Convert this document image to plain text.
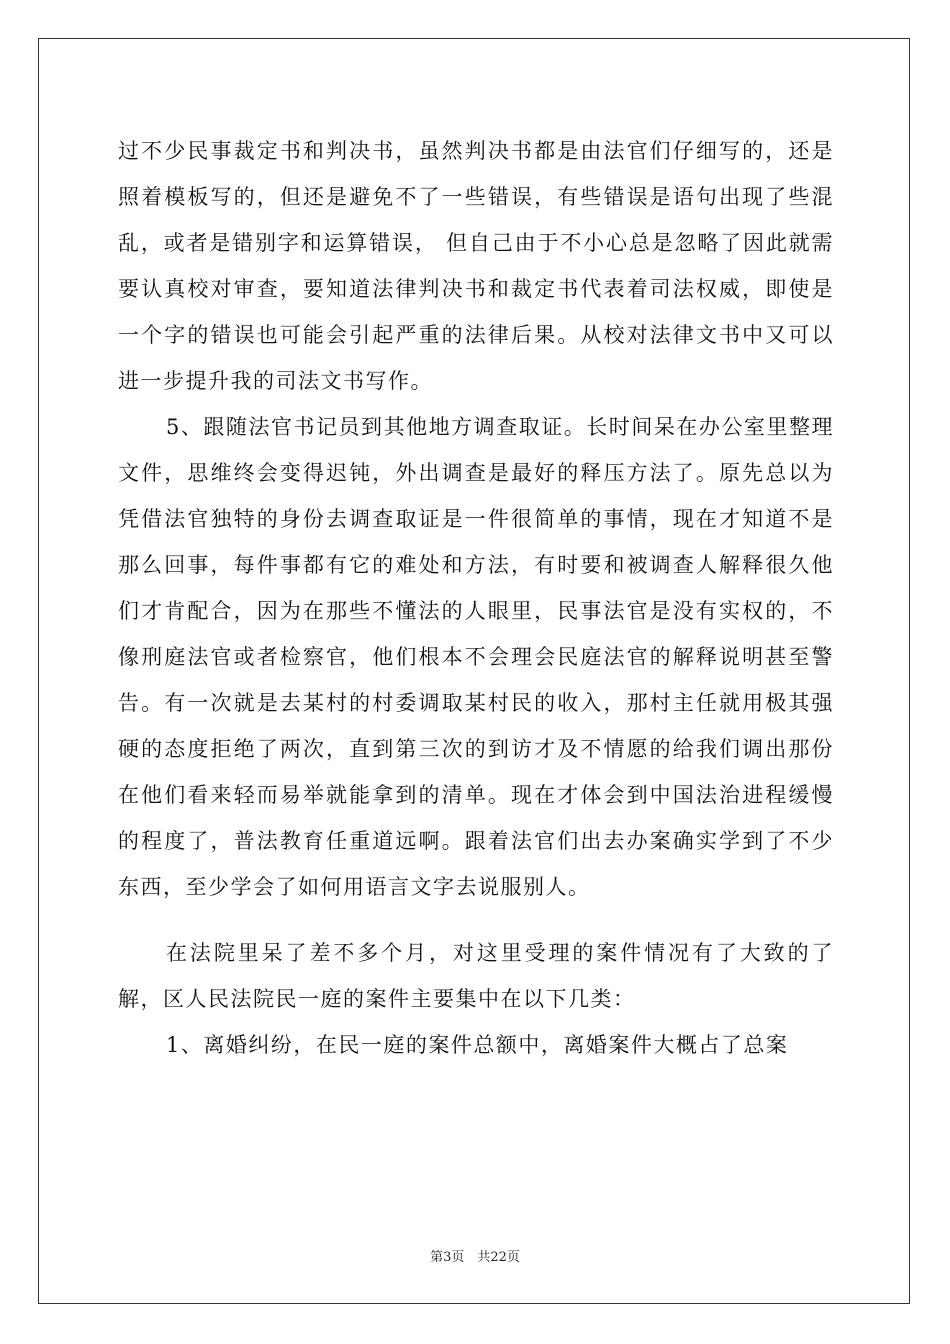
过不少民事裁定书和判决书，虽然判决书都是由法官们仔细写的，还是照着模板写的，但还是避免不了一些错误，有些错误是语句出现了些混乱，或者是错别字和运算错误， 但自己由于不小心总是忽略了因此就需要认真校对审查，要知道法律判决书和裁定书代表着司法权威，即使是一个字的错误也可能会引起严重的法律后果。从校对法律文书中又可以进一步提升我的司法文书写作。

5、跟随法官书记员到其他地方调查取证。长时间呆在办公室里整理文件，思维终会变得迟钝，外出调查是最好的释压方法了。原先总以为凭借法官独特的身份去调查取证是一件很简单的事情，现在才知道不是那么回事，每件事都有它的难处和方法，有时要和被调查人解释很久他们才肯配合，因为在那些不懂法的人眼里，民事法官是没有实权的，不像刑庭法官或者检察官，他们根本不会理会民庭法官的解释说明甚至警告。有一次就是去某村的村委调取某村民的收入，那村主任就用极其强硬的态度拒绝了两次，直到第三次的到访才及不情愿的给我们调出那份在他们看来轻而易举就能拿到的清单。现在才体会到中国法治进程缓慢的程度了，普法教育任重道远啊。跟着法官们出去办案确实学到了不少东西，至少学会了如何用语言文字去说服别人。

在法院里呆了差不多个月，对这里受理的案件情况有了大致的了解，区人民法院民一庭的案件主要集中在以下几类：

1、离婚纠纷，在民一庭的案件总额中，离婚案件大概占了总案

第3页　共22页
